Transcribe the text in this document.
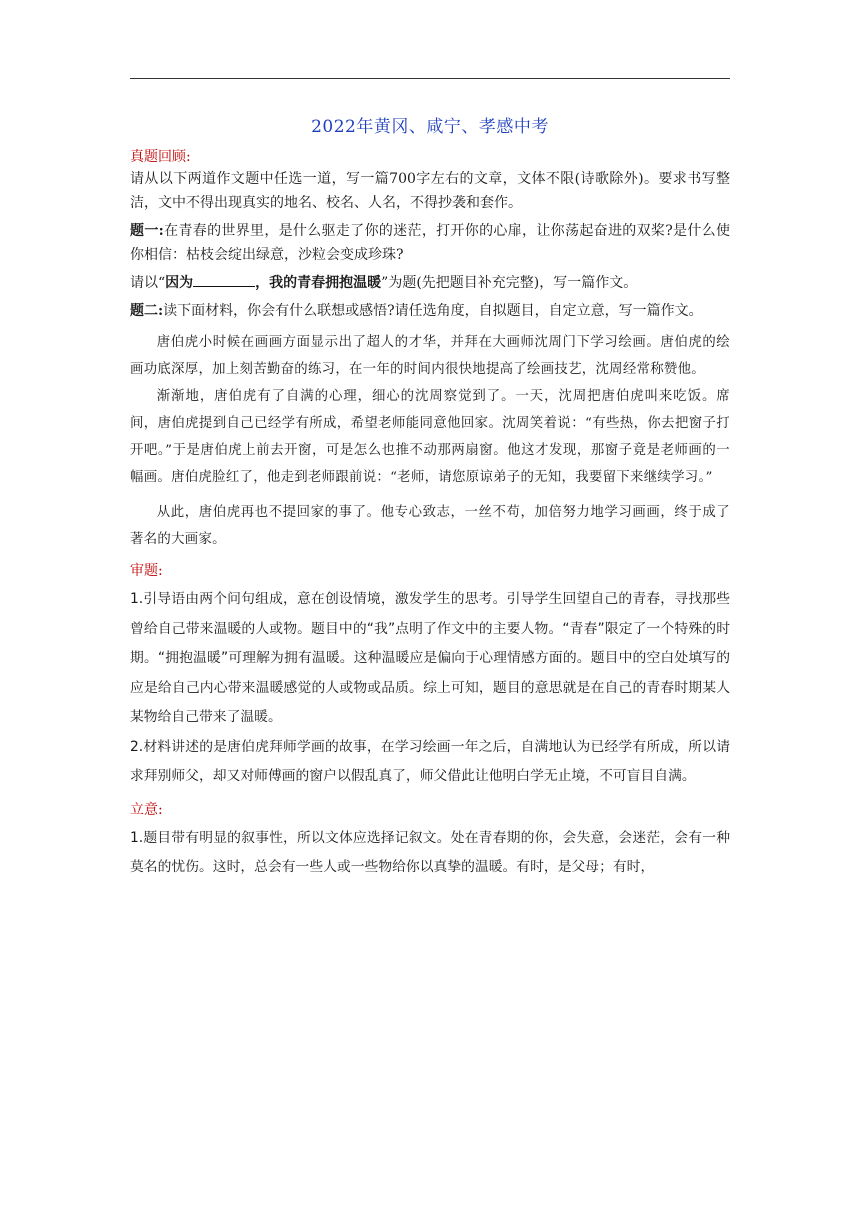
2022年黄冈、咸宁、孝感中考
真题回顾:

请从以下两道作文题中任选一道，写一篇700字左右的文章，文体不限(诗歌除外)。要求书写整洁，文中不得出现真实的地名、校名、人名，不得抄袭和套作。

题一:在青春的世界里，是什么驱走了你的迷茫，打开你的心扉，让你荡起奋进的双桨?是什么使你相信：枯枝会绽出绿意，沙粒会变成珍珠?

请以“因为	，我的青春拥抱温暖”为题(先把题目补充完整)，写一篇作文。

题二:读下面材料，你会有什么联想或感悟?请任选角度，自拟题目，自定立意，写一篇作文。

唐伯虎小时候在画画方面显示出了超人的才华，并拜在大画师沈周门下学习绘画。唐伯虎的绘画功底深厚，加上刻苦勤奋的练习，在一年的时间内很快地提高了绘画技艺，沈周经常称赞他。

渐渐地，唐伯虎有了自满的心理，细心的沈周察觉到了。一天，沈周把唐伯虎叫来吃饭。席间，唐伯虎提到自己已经学有所成，希望老师能同意他回家。沈周笑着说：“有些热，你去把窗子打开吧。”于是唐伯虎上前去开窗，可是怎么也推不动那两扇窗。他这才发现，那窗子竟是老师画的一幅画。唐伯虎脸红了，他走到老师跟前说：“老师，请您原谅弟子的无知，我要留下来继续学习。”

从此，唐伯虎再也不提回家的事了。他专心致志，一丝不苟，加倍努力地学习画画，终于成了著名的大画家。

审题:

1.引导语由两个问句组成，意在创设情境，激发学生的思考。引导学生回望自己的青春，寻找那些曾给自己带来温暖的人或物。题目中的“我”点明了作文中的主要人物。“青春”限定了一个特殊的时期。“拥抱温暖”可理解为拥有温暖。这种温暖应是偏向于心理情感方面的。题目中的空白处填写的应是给自己内心带来温暖感觉的人或物或品质。综上可知，题目的意思就是在自己的青春时期某人某物给自己带来了温暖。

2.材料讲述的是唐伯虎拜师学画的故事，在学习绘画一年之后，自满地认为已经学有所成，所以请求拜别师父，却又对师傅画的窗户以假乱真了，师父借此让他明白学无止境，不可盲目自满。

立意:

1.题目带有明显的叙事性，所以文体应选择记叙文。处在青春期的你，会失意，会迷茫，会有一种莫名的忧伤。这时，总会有一些人或一些物给你以真挚的温暖。有时，是父母；有时，
